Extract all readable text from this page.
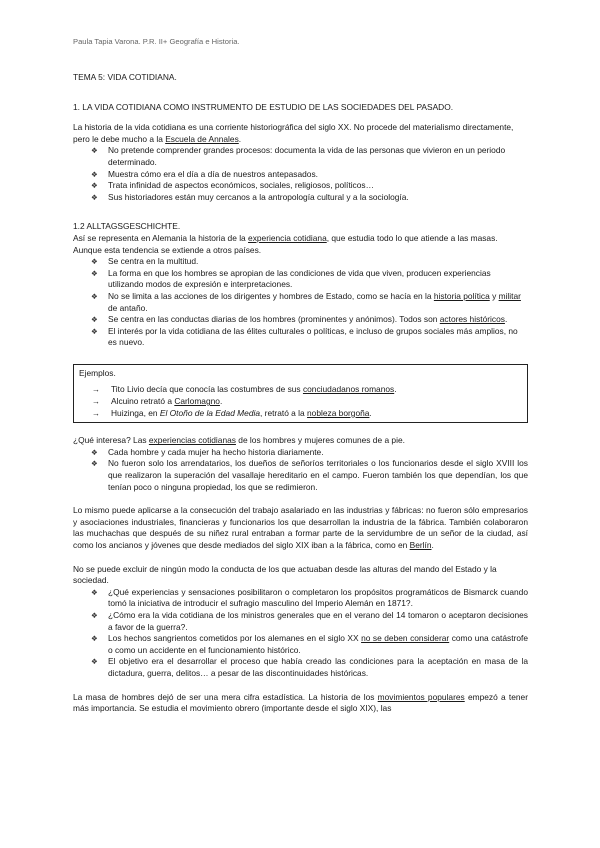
Paula Tapia Varona. P.R. II+ Geografía e Historia.

TEMA 5: VIDA COTIDIANA.

1. LA VIDA COTIDIANA COMO INSTRUMENTO DE ESTUDIO DE LAS SOCIEDADES DEL PASADO.

La historia de la vida cotidiana es una corriente historiográfica del siglo XX. No procede del materialismo directamente, pero le debe mucho a la Escuela de Annales.

❖ No pretende comprender grandes procesos: documenta la vida de las personas que vivieron en un periodo determinado.
❖ Muestra cómo era el día a día de nuestros antepasados.
❖ Trata infinidad de aspectos económicos, sociales, religiosos, políticos…
❖ Sus historiadores están muy cercanos a la antropología cultural y a la sociología.

1.2 ALLTAGSGESCHICHTE.

Así se representa en Alemania la historia de la experiencia cotidiana, que estudia todo lo que atiende a las masas. Aunque esta tendencia se extiende a otros países.

❖ Se centra en la multitud.
❖ La forma en que los hombres se apropian de las condiciones de vida que viven, producen experiencias utilizando modos de expresión e interpretaciones.
❖ No se limita a las acciones de los dirigentes y hombres de Estado, como se hacía en la historia política y militar de antaño.
❖ Se centra en las conductas diarias de los hombres (prominentes y anónimos). Todos son actores históricos.
❖ El interés por la vida cotidiana de las élites culturales o políticas, e incluso de grupos sociales más amplios, no es nuevo.

Ejemplos.

→ Tito Livio decía que conocía las costumbres de sus conciudadanos romanos.
→ Alcuino retrató a Carlomagno.
→ Huizinga, en El Otoño de la Edad Media, retrató a la nobleza borgoña.

¿Qué interesa? Las experiencias cotidianas de los hombres y mujeres comunes de a pie.

❖ Cada hombre y cada mujer ha hecho historia diariamente.
❖ No fueron solo los arrendatarios, los dueños de señoríos territoriales o los funcionarios desde el siglo XVIII los que realizaron la superación del vasallaje hereditario en el campo. Fueron también los que dependían, los que tenían poco o ninguna propiedad, los que se redimieron.

Lo mismo puede aplicarse a la consecución del trabajo asalariado en las industrias y fábricas: no fueron sólo empresarios y asociaciones industriales, financieras y funcionarios los que desarrollan la industria de la fábrica. También colaboraron las muchachas que después de su niñez rural entraban a formar parte de la servidumbre de un señor de la ciudad, así como los ancianos y jóvenes que desde mediados del siglo XIX iban a la fábrica, como en Berlín.

No se puede excluir de ningún modo la conducta de los que actuaban desde las alturas del mando del Estado y la sociedad.

❖ ¿Qué experiencias y sensaciones posibilitaron o completaron los propósitos programáticos de Bismarck cuando tomó la iniciativa de introducir el sufragio masculino del Imperio Alemán en 1871?.
❖ ¿Cómo era la vida cotidiana de los ministros generales que en el verano del 14 tomaron o aceptaron decisiones a favor de la guerra?.
❖ Los hechos sangrientos cometidos por los alemanes en el siglo XX no se deben considerar como una catástrofe o como un accidente en el funcionamiento histórico.
❖ El objetivo era el desarrollar el proceso que había creado las condiciones para la aceptación en masa de la dictadura, guerra, delitos… a pesar de las discontinuidades históricas.

La masa de hombres dejó de ser una mera cifra estadística. La historia de los movimientos populares empezó a tener más importancia. Se estudia el movimiento obrero (importante desde el siglo XIX), las
